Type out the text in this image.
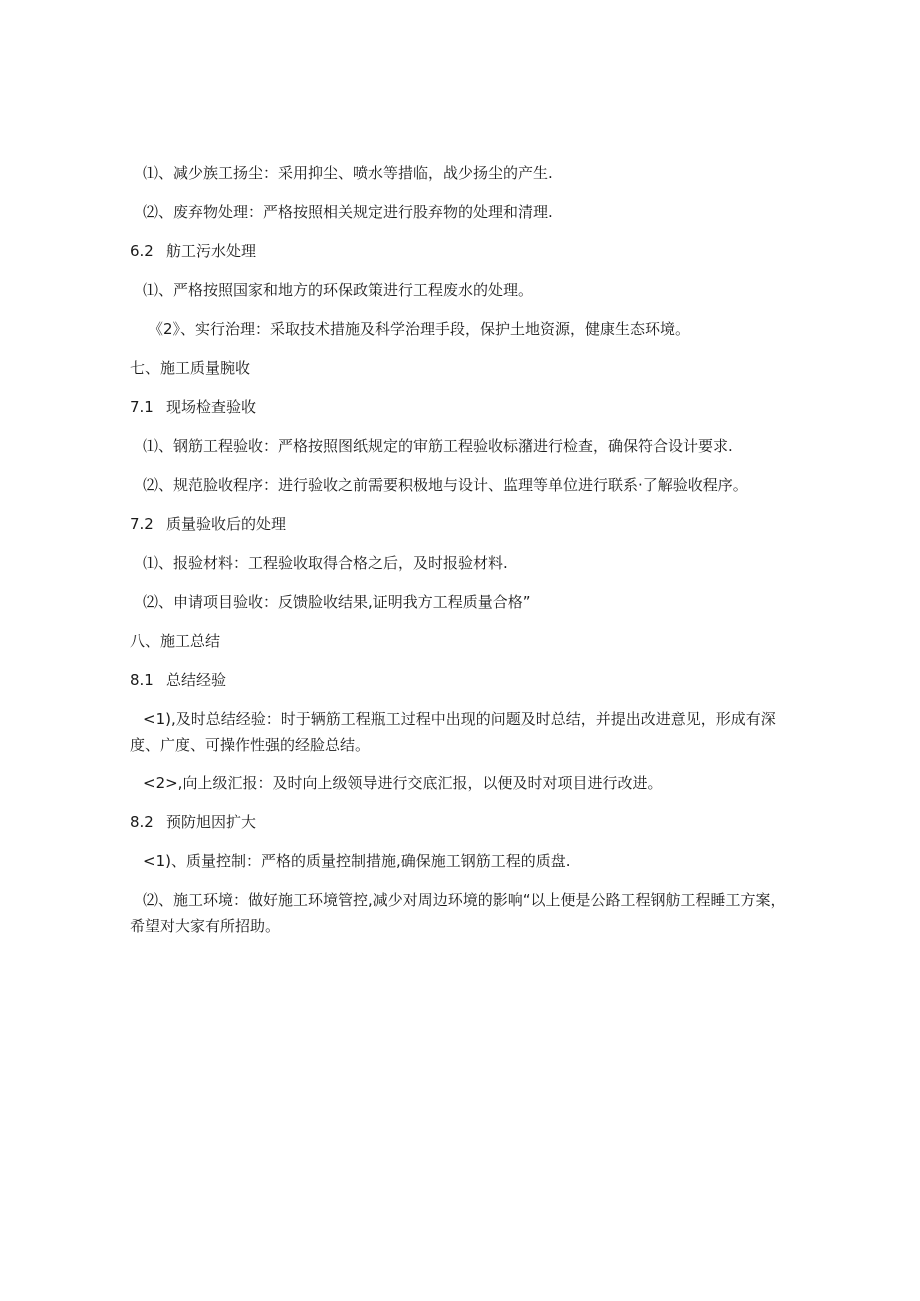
⑴、减少族工扬尘：采用抑尘、喷水等措临，战少扬尘的产生.
⑵、废弃物处理：严格按照相关规定进行股弃物的处理和清理.
6.2 舫工污水处理
⑴、严格按照国家和地方的环保政策进行工程废水的处理。
《2》、实行治理：采取技术措施及科学治理手段，保护土地资源，健康生态环境。
七、施工质量腕收
7.1 现场检查验收
⑴、钢筋工程验收：严格按照图纸规定的审筋工程验收标潴进行检查，确保符合设计要求.
⑵、规范脸收程序：进行验收之前需要积极地与设计、监理等单位进行联系·了解验收程序。
7.2 质量验收后的处理
⑴、报验材料：工程验收取得合格之后，及时报验材料.
⑵、申请项目验收：反馈脸收结果,证明我方工程质量合格”
八、施工总结
8.1 总结经验
<1),及时总结经验：时于辆筋工程瓶工过程中出现的问题及时总结，并提出改进意见，形成有深度、广度、可操作性强的经脸总结。
<2>,向上级汇报：及时向上级领导进行交底汇报，以便及时对项目进行改进。
8.2 预防旭因扩大
<1)、质量控制：严格的质量控制措施,确保施工钢筋工程的质盘.
⑵、施工环境：做好施工环境管控,减少对周边环境的影响“以上便是公路工程钢舫工程睡工方案，希望对大家有所招助。
